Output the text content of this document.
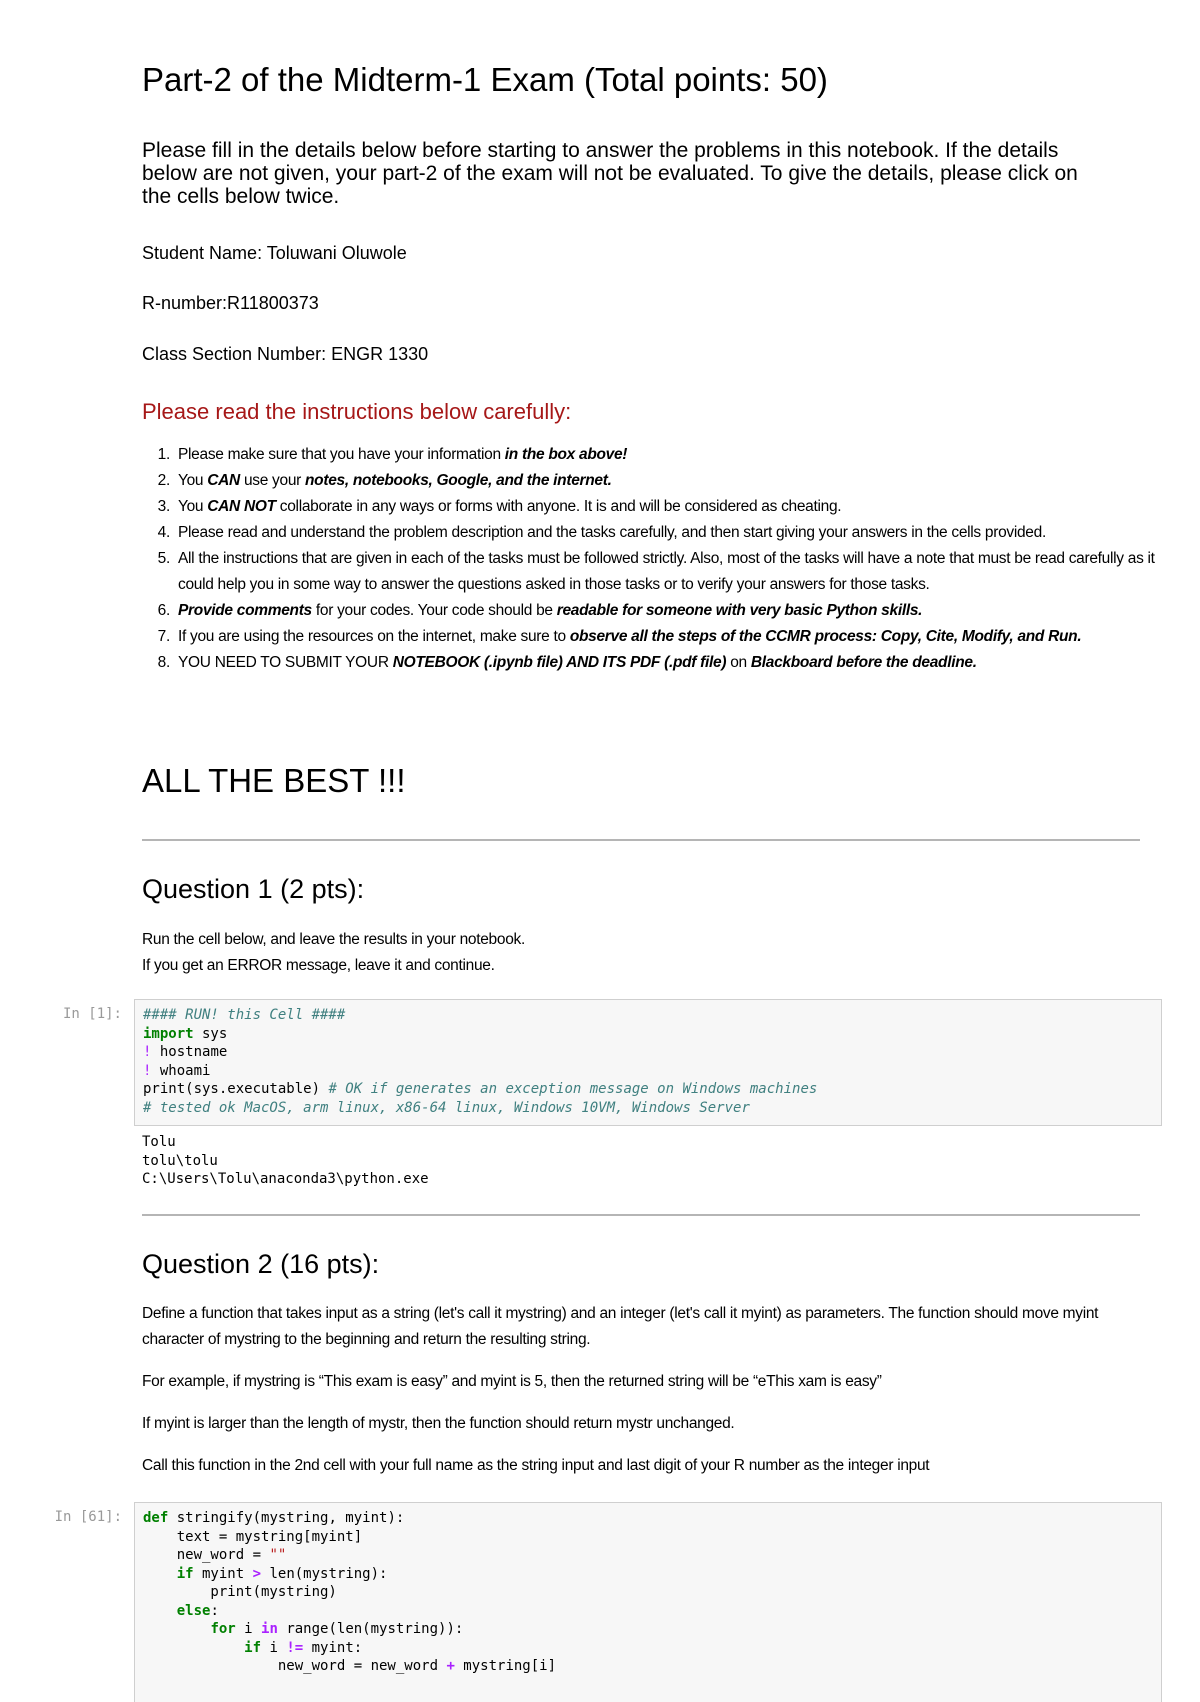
Part-2 of the Midterm-1 Exam (Total points: 50)

Please fill in the details below before starting to answer the problems in this notebook. If the details below are not given, your part-2 of the exam will not be evaluated. To give the details, please click on the cells below twice.

Student Name: Toluwani Oluwole

R-number:R11800373

Class Section Number: ENGR 1330

Please read the instructions below carefully:

1. Please make sure that you have your information in the box above!
2. You CAN use your notes, notebooks, Google, and the internet.
3. You CAN NOT collaborate in any ways or forms with anyone. It is and will be considered as cheating.
4. Please read and understand the problem description and the tasks carefully, and then start giving your answers in the cells provided.
5. All the instructions that are given in each of the tasks must be followed strictly. Also, most of the tasks will have a note that must be read carefully as it could help you in some way to answer the questions asked in those tasks or to verify your answers for those tasks.
6. Provide comments for your codes. Your code should be readable for someone with very basic Python skills.
7. If you are using the resources on the internet, make sure to observe all the steps of the CCMR process: Copy, Cite, Modify, and Run.
8. YOU NEED TO SUBMIT YOUR NOTEBOOK (.ipynb file) AND ITS PDF (.pdf file) on Blackboard before the deadline.

ALL THE BEST !!!

Question 1 (2 pts):

Run the cell below, and leave the results in your notebook.

If you get an ERROR message, leave it and continue.

In [1]: #### RUN! this Cell ####
import sys
! hostname
! whoami
print(sys.executable) # OK if generates an exception message on Windows machines
# tested ok MacOS, arm linux, x86-64 linux, Windows 10VM, Windows Server
Tolu
tolu\tolu
C:\Users\Tolu\anaconda3\python.exe
Question 2 (16 pts):

Define a function that takes input as a string (let's call it mystring) and an integer (let's call it myint) as parameters. The function should move myint character of mystring to the beginning and return the resulting string.

For example, if mystring is “This exam is easy” and myint is 5, then the returned string will be “eThis xam is easy”

If myint is larger than the length of mystr, then the function should return mystr unchanged.

Call this function in the 2nd cell with your full name as the string input and last digit of your R number as the integer input

In [61]: def stringify(mystring, myint):
text = mystring[myint]
new_word = ""
if myint > len(mystring):
print(mystring)
else:
for i in range(len(mystring)):
if i != myint:
new_word = new_word + mystring[i]
